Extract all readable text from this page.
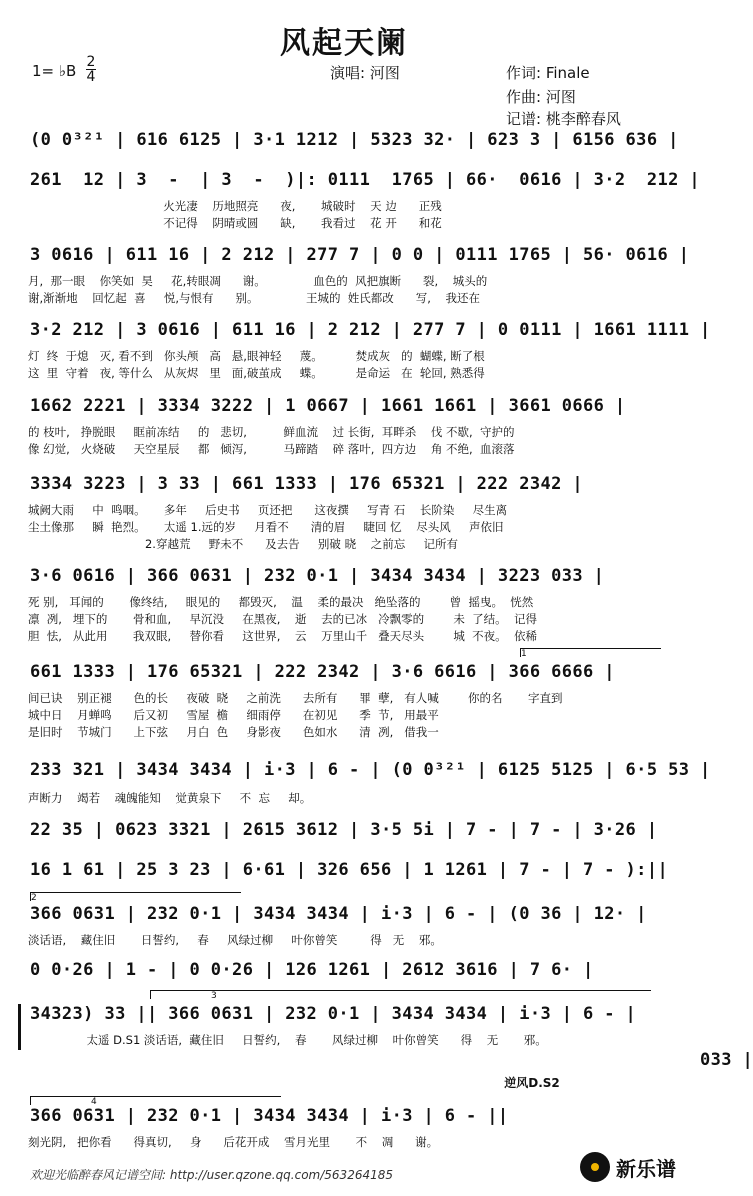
风起天阑
1= ♭B 2
4	演唱: 河图	作词: Finale
作曲: 河图
记谱: 桃李醉春风
(0 0³²¹ | 616 6125 | 3·1 1212 | 5323 32· | 623 3 | 6156 636 |
261  12 | 3  -  | 3  -  )|: 0111  1765 | 66·  0616 | 3·2  212 |
火光凄    历地照亮      夜,       城破时    天 边      正残
不记得    阴晴或圆      缺,       我看过    花 开      和花
3 0616 | 611 16 | 2 212 | 277 7 | 0 0 | 0111 1765 | 56· 0616 |
月,  那一眼    你笑如  昊     花,转眼凋      谢。             血色的  风把旗断      裂,    城头的
谢,渐渐地    回忆起  喜     悦,与恨有      别。             王城的  姓氏都改      写,    我还在
3·2 212 | 3 0616 | 611 16 | 2 212 | 277 7 | 0 0111 | 1661 1111 |
灯  终  于熄   灭, 看不到   你头颅   高   悬,眼神轻     蔑。         焚成灰   的  蝴蝶, 断了根
这  里  守着   夜, 等什么   从灰烬   里   面,破茧成     蝶。         是命运   在  轮回, 熟悉得
1662 2221 | 3334 3222 | 1 0667 | 1661 1661 | 3661 0666 |
的 枝叶,   挣脱眼     眶前冻结     的   悲切,          鲜血流    过 长街,  耳畔杀    伐 不歇,  守护的
像 幻觉,   火烧破     天空星辰     都   倾泻,          马蹄踏    碎 落叶,  四方边    角 不绝,  血滚落
3334 3223 | 3 33 | 661 1333 | 176 65321 | 222 2342 |
城阙大雨     中  鸣咽。     多年     后史书     页还把      这夜撰     写青 石    长阶染     尽生离
尘土像那     瞬  艳烈。     太遥 1.远的岁     月看不      清的眉     睫回 忆    尽头风     声依旧
2.穿越荒     野未不      及去告     别破 晓    之前忘     记所有
3·6 0616 | 366 0631 | 232 0·1 | 3434 3434 | 3223 033 |
死 别,   耳闻的       像终结,     眼见的     都毁灭,    温    柔的最决   绝坠落的        曾  摇曳。  恍然
凛  冽,   埋下的       骨和血,     早沉没     在黑夜,    逝    去的已冰   冷飘零的        未  了结。  记得
胆  怯,   从此用       我双眼,     替你看     这世界,    云    万里山千   叠天尽头        城  不夜。  依稀
1
661 1333 | 176 65321 | 222 2342 | 3·6 6616 | 366 6666 |
间已诀    别正褪      色的长     夜破  晓     之前洗      去所有      罪  孽,   有人喊        你的名       字直到
城中日    月蝉鸣      后又初     雪屋  檐     细雨停      在初见      季  节,   用最平
是旧时    节城门      上下弦     月白  色     身影夜      色如水      清  冽,   借我一
233 321 | 3434 3434 | i·3 | 6 - | (0 0³²¹ | 6125 5125 | 6·5 53 |
声断力    竭若    魂魄能知    觉黄泉下     不  忘     却。
22 35 | 0623 3321 | 2615 3612 | 3·5 5i | 7 - | 7 - | 3·26 |
16 1 61 | 25 3 23 | 6·61 | 326 656 | 1 1261 | 7 - | 7 - ):||
2
366 0631 | 232 0·1 | 3434 3434 | i·3 | 6 - | (0 36 | 12· |
淡话语,    藏住旧       日誓约,     春     风绿过柳     叶你曾笑         得   无    邪。
0 0·26 | 1 - | 0 0·26 | 126 1261 | 2612 3616 | 7 6· |
3
34323) 33 || 366 0631 | 232 0·1 | 3434 3434 | i·3 | 6 - |
太遥 D.S1 淡话语,  藏住旧     日誓约,    春       风绿过柳    叶你曾笑      得    无       邪。
033 |
逆风D.S2
4
366 0631 | 232 0·1 | 3434 3434 | i·3 | 6 - ||
刻光阴,   把你看      得真切,     身      后花开成    雪月光里       不    凋      谢。
欢迎光临醉春风记谱空间: http://user.qzone.qq.com/563264185	新乐谱
